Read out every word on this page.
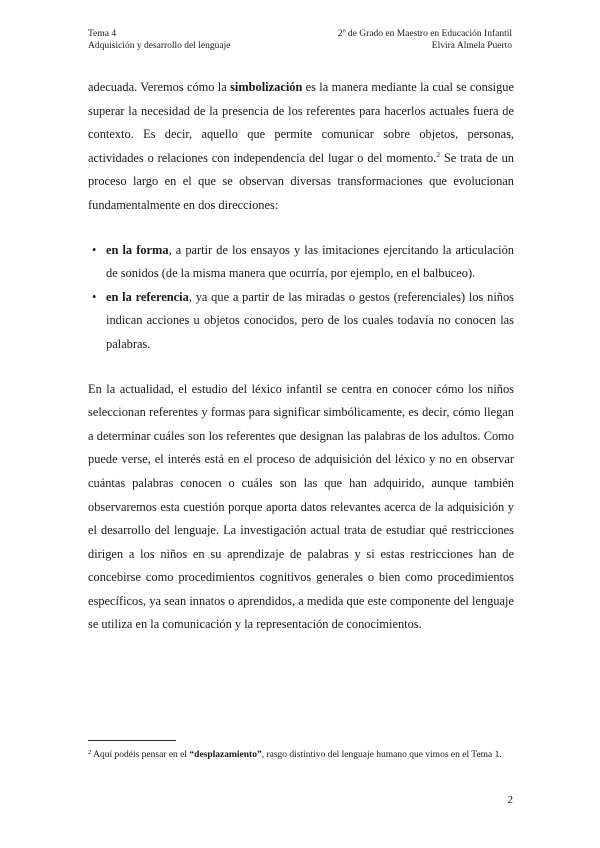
Tema 4
Adquisición y desarrollo del lenguaje
2º de Grado en Maestro en Educación Infantil
Elvira Almela Puerto

adecuada. Veremos cómo la simbolización es la manera mediante la cual se consigue superar la necesidad de la presencia de los referentes para hacerlos actuales fuera de contexto. Es decir, aquello que permite comunicar sobre objetos, personas, actividades o relaciones con independencia del lugar o del momento.$^2$ Se trata de un proceso largo en el que se observan diversas transformaciones que evolucionan fundamentalmente en dos direcciones:

• en la forma, a partir de los ensayos y las imitaciones ejercitando la articulación de sonidos (de la misma manera que ocurría, por ejemplo, en el balbuceo).
• en la referencia, ya que a partir de las miradas o gestos (referenciales) los niños indican acciones u objetos conocidos, pero de los cuales todavía no conocen las palabras.

En la actualidad, el estudio del léxico infantil se centra en conocer cómo los niños seleccionan referentes y formas para significar simbólicamente, es decir, cómo llegan a determinar cuáles son los referentes que designan las palabras de los adultos. Como puede verse, el interés está en el proceso de adquisición del léxico y no en observar cuántas palabras conocen o cuáles son las que han adquirido, aunque también observaremos esta cuestión porque aporta datos relevantes acerca de la adquisición y el desarrollo del lenguaje. La investigación actual trata de estudiar qué restricciones dirigen a los niños en su aprendizaje de palabras y si estas restricciones han de concebirse como procedimientos cognitivos generales o bien como procedimientos específicos, ya sean innatos o aprendidos, a medida que este componente del lenguaje se utiliza en la comunicación y la representación de conocimientos.

$^2$ Aquí podéis pensar en el “desplazamiento”, rasgo distintivo del lenguaje humano que vimos en el Tema 1.
2
